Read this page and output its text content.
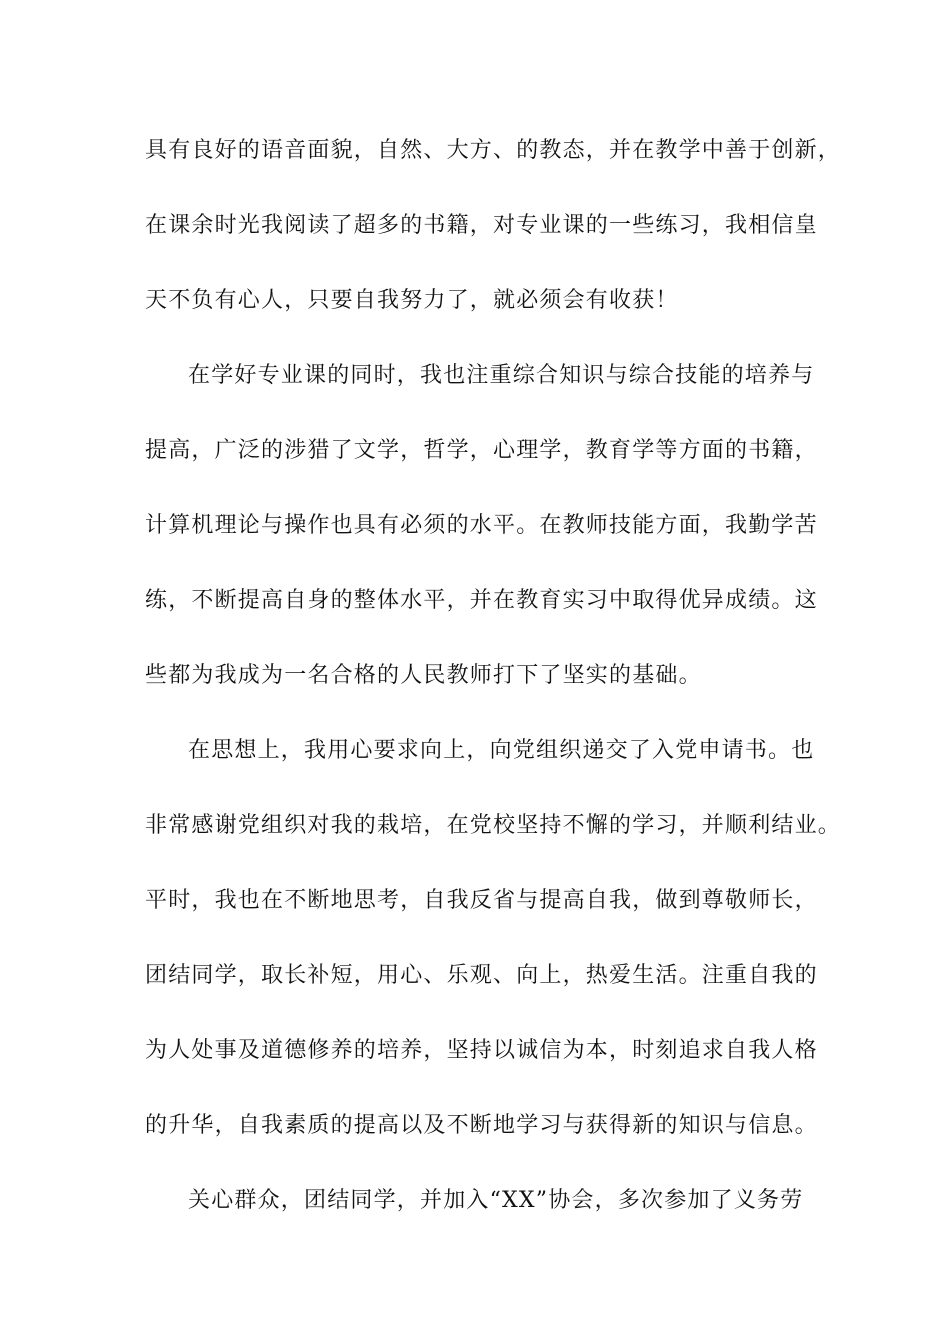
具有良好的语音面貌，自然、大方、的教态，并在教学中善于创新，
在课余时光我阅读了超多的书籍，对专业课的一些练习，我相信皇
天不负有心人，只要自我努力了，就必须会有收获！
在学好专业课的同时，我也注重综合知识与综合技能的培养与
提高，广泛的涉猎了文学，哲学，心理学，教育学等方面的书籍，
计算机理论与操作也具有必须的水平。在教师技能方面，我勤学苦
练，不断提高自身的整体水平，并在教育实习中取得优异成绩。这
些都为我成为一名合格的人民教师打下了坚实的基础。
在思想上，我用心要求向上，向党组织递交了入党申请书。也
非常感谢党组织对我的栽培，在党校坚持不懈的学习，并顺利结业。
平时，我也在不断地思考，自我反省与提高自我，做到尊敬师长，
团结同学，取长补短，用心、乐观、向上，热爱生活。注重自我的
为人处事及道德修养的培养，坚持以诚信为本，时刻追求自我人格
的升华，自我素质的提高以及不断地学习与获得新的知识与信息。
关心群众，团结同学，并加入“XX”协会，多次参加了义务劳
